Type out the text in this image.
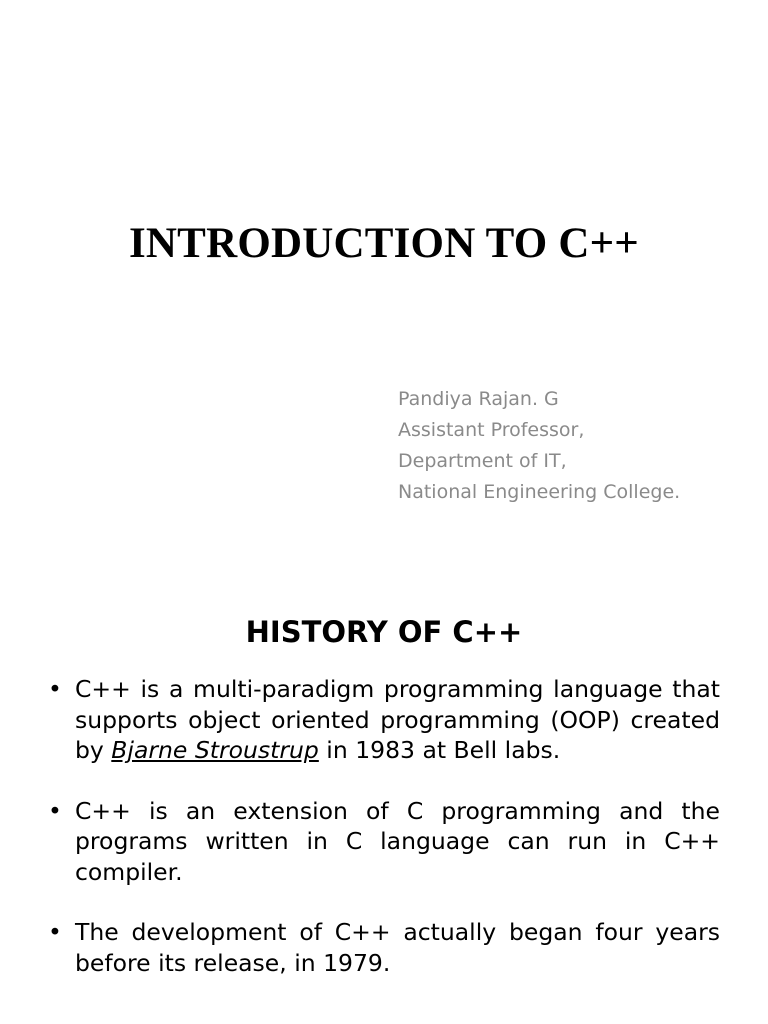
INTRODUCTION TO C++
Pandiya Rajan. G
Assistant Professor,
Department of IT,
National Engineering College.
HISTORY OF C++
• C++ is a multi-paradigm programming language that supports object oriented programming (OOP) created by Bjarne Stroustrup in 1983 at Bell labs.
• C++ is an extension of C programming and the programs written in C language can run in C++ compiler.
• The development of C++ actually began four years before its release, in 1979.
